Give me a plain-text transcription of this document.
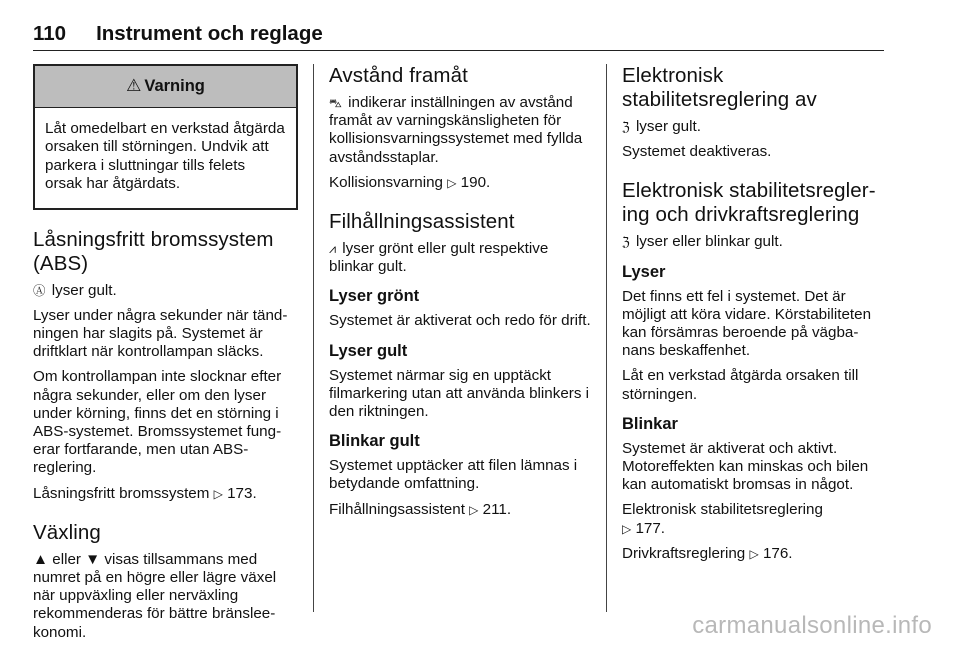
110 Instrument och reglage
⚠ Varning
Låt omedelbart en verkstad åtgärda orsaken till störningen. Undvik att parkera i sluttningar tills felets orsak har åtgärdats.
Låsningsfritt bromssystem (ABS)

Ⓐ lyser gult.

Lyser under några sekunder när tändningen har slagits på. Systemet är driftklart när kontrollampan släcks.

Om kontrollampan inte slocknar efter några sekunder, eller om den lyser under körning, finns det en störning i ABS-systemet. Bromssystemet fungerar fortfarande, men utan ABS-reglering.

Låsningsfritt bromssystem ▷ 173.

Växling

▲ eller ▼ visas tillsammans med numret på en högre eller lägre växel när uppväxling eller nerväxling rekommenderas för bättre bränsleekonomi.

Avstånd framåt

⛍ indikerar inställningen av avstånd framåt av varningskänsligheten för kollisionsvarningssystemet med fyllda avståndsstaplar.

Kollisionsvarning ▷ 190.

Filhållningsassistent

⩘ lyser grönt eller gult respektive blinkar gult.

Lyser grönt

Systemet är aktiverat och redo för drift.

Lyser gult

Systemet närmar sig en upptäckt filmarkering utan att använda blinkers i den riktningen.

Blinkar gult

Systemet upptäcker att filen lämnas i betydande omfattning.

Filhållningsassistent ▷ 211.

Elektronisk stabilitetsreglering av

ℨ lyser gult.

Systemet deaktiveras.

Elektronisk stabilitetsreglering och drivkraftsreglering

ℨ lyser eller blinkar gult.

Lyser

Det finns ett fel i systemet. Det är möjligt att köra vidare. Körstabiliteten kan försämras beroende på vägbanans beskaffenhet.

Låt en verkstad åtgärda orsaken till störningen.

Blinkar

Systemet är aktiverat och aktivt. Motoreffekten kan minskas och bilen kan automatiskt bromsas in något.

Elektronisk stabilitetsreglering
▷ 177.

Drivkraftsreglering ▷ 176.

carmanualsonline.info
